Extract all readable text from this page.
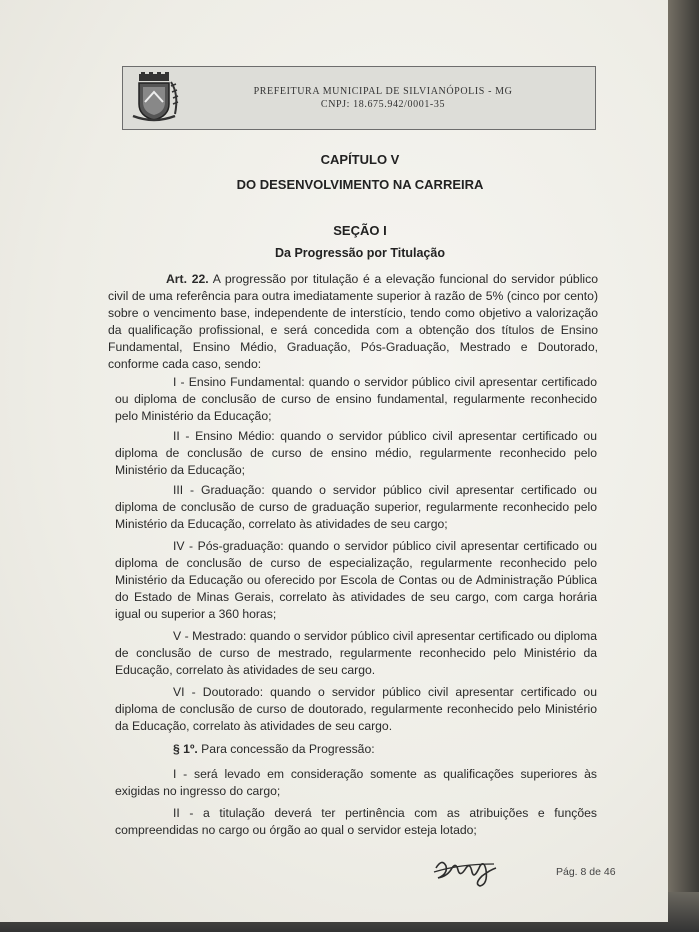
PREFEITURA MUNICIPAL DE SILVIANÓPOLIS - MG
CNPJ: 18.675.942/0001-35
CAPÍTULO V
DO DESENVOLVIMENTO NA CARREIRA
SEÇÃO I
Da Progressão por Titulação
Art. 22. A progressão por titulação é a elevação funcional do servidor público civil de uma referência para outra imediatamente superior à razão de 5% (cinco por cento) sobre o vencimento base, independente de interstício, tendo como objetivo a valorização da qualificação profissional, e será concedida com a obtenção dos títulos de Ensino Fundamental, Ensino Médio, Graduação, Pós-Graduação, Mestrado e Doutorado, conforme cada caso, sendo:
I - Ensino Fundamental: quando o servidor público civil apresentar certificado ou diploma de conclusão de curso de ensino fundamental, regularmente reconhecido pelo Ministério da Educação;
II - Ensino Médio: quando o servidor público civil apresentar certificado ou diploma de conclusão de curso de ensino médio, regularmente reconhecido pelo Ministério da Educação;
III - Graduação: quando o servidor público civil apresentar certificado ou diploma de conclusão de curso de graduação superior, regularmente reconhecido pelo Ministério da Educação, correlato às atividades de seu cargo;
IV - Pós-graduação: quando o servidor público civil apresentar certificado ou diploma de conclusão de curso de especialização, regularmente reconhecido pelo Ministério da Educação ou oferecido por Escola de Contas ou de Administração Pública do Estado de Minas Gerais, correlato às atividades de seu cargo, com carga horária igual ou superior a 360 horas;
V - Mestrado: quando o servidor público civil apresentar certificado ou diploma de conclusão de curso de mestrado, regularmente reconhecido pelo Ministério da Educação, correlato às atividades de seu cargo.
VI - Doutorado: quando o servidor público civil apresentar certificado ou diploma de conclusão de curso de doutorado, regularmente reconhecido pelo Ministério da Educação, correlato às atividades de seu cargo.
§ 1º. Para concessão da Progressão:
I - será levado em consideração somente as qualificações superiores às exigidas no ingresso do cargo;
II - a titulação deverá ter pertinência com as atribuições e funções compreendidas no cargo ou órgão ao qual o servidor esteja lotado;
Pág. 8 de 46
